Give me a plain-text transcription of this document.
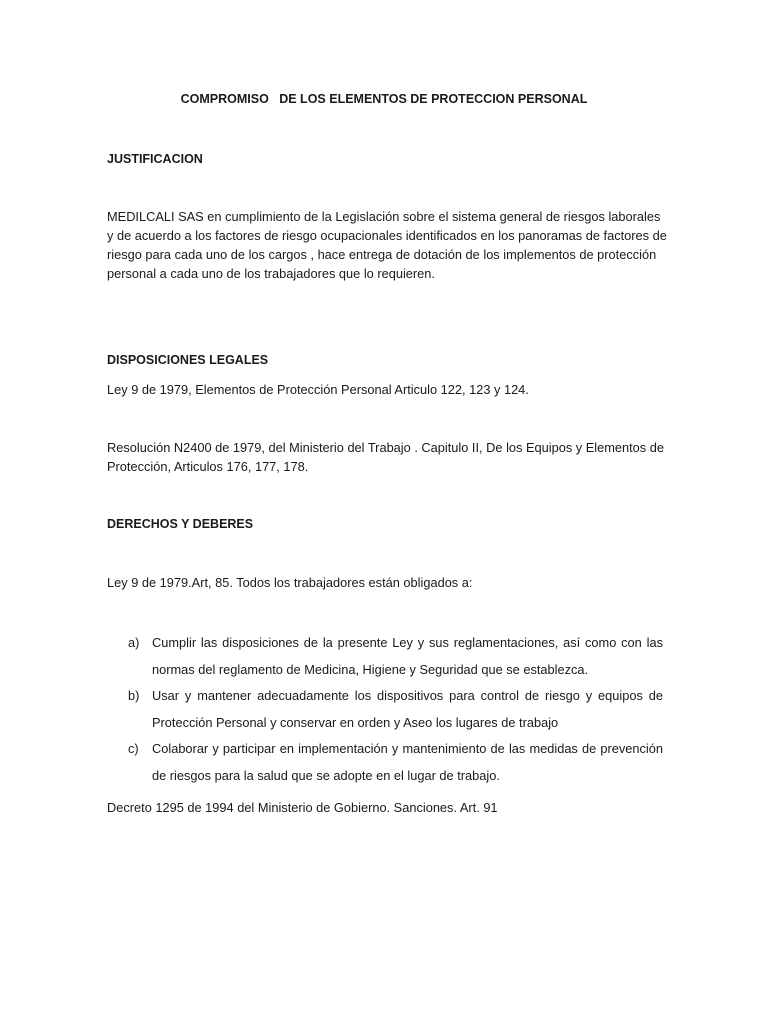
COMPROMISO   DE LOS ELEMENTOS DE PROTECCION PERSONAL
JUSTIFICACION
MEDILCALI SAS en cumplimiento de la Legislación sobre el sistema general de riesgos laborales y de acuerdo a los factores de riesgo ocupacionales identificados en los panoramas de factores de riesgo para cada uno de los cargos , hace entrega de dotación de los implementos de protección personal a cada uno de los trabajadores que lo requieren.
DISPOSICIONES LEGALES
Ley 9 de 1979, Elementos de Protección Personal Articulo 122, 123 y 124.
Resolución N2400 de 1979, del Ministerio del Trabajo . Capitulo II, De los Equipos y Elementos de Protección, Articulos 176, 177, 178.
DERECHOS Y DEBERES
Ley 9 de 1979.Art, 85. Todos los trabajadores están obligados a:
a) Cumplir las disposiciones de la presente Ley y sus reglamentaciones, así como con las normas del reglamento de Medicina, Higiene y Seguridad que se establezca.
b) Usar y mantener adecuadamente los dispositivos para control de riesgo y equipos de Protección Personal y conservar en orden y Aseo los lugares de trabajo
c) Colaborar y participar en implementación y mantenimiento de las medidas de prevención de riesgos para la salud que se adopte en el lugar de trabajo.
Decreto 1295 de 1994 del Ministerio de Gobierno. Sanciones. Art. 91
